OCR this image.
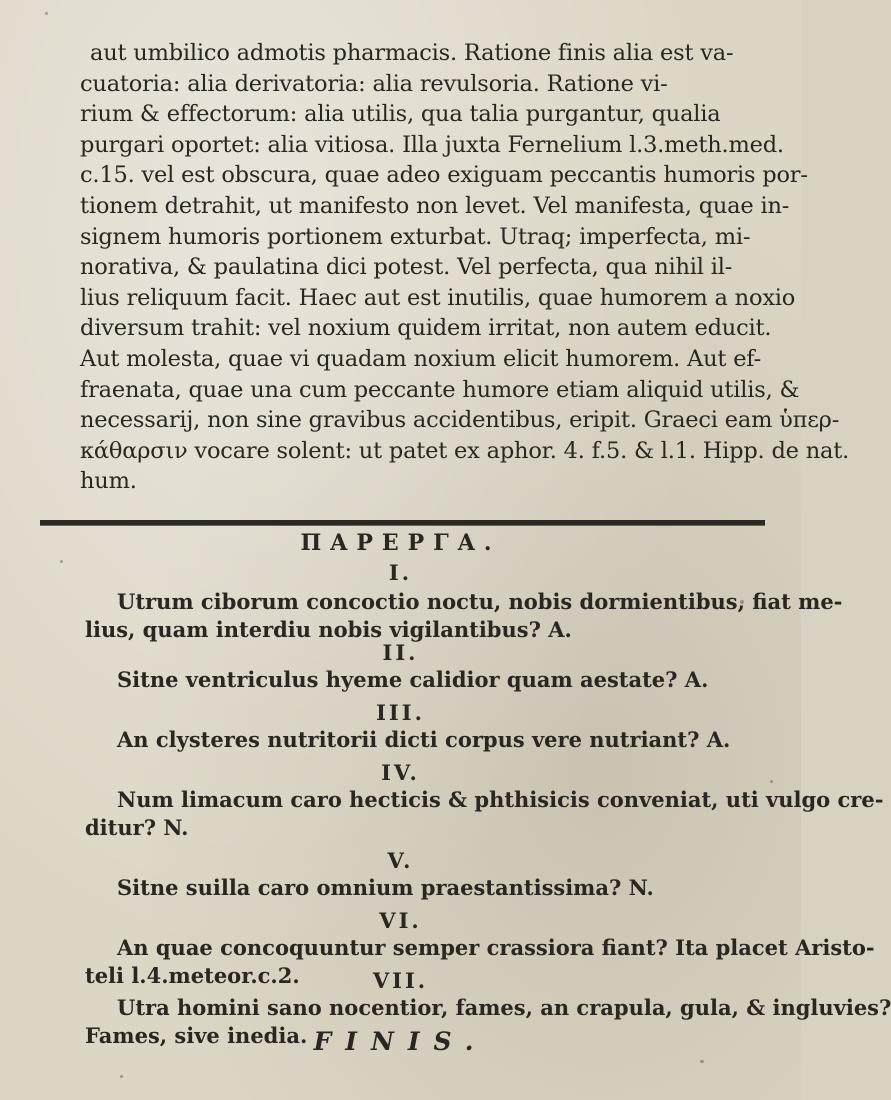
aut umbilico admotis pharmacis. Ratione finis alia est va-

cuatoria: alia derivatoria: alia revulsoria. Ratione vi-

rium & effectorum: alia utilis, qua talia purgantur, qualia

purgari oportet: alia vitiosa. Illa juxta Fernelium l.3.meth.med.

c.15. vel est obscura, quae adeo exiguam peccantis humoris por-

tionem detrahit, ut manifesto non levet. Vel manifesta, quae in-

signem humoris portionem exturbat. Utraq; imperfecta, mi-

norativa, & paulatina dici potest. Vel perfecta, qua nihil il-

lius reliquum facit. Haec aut est inutilis, quae humorem a noxio

diversum trahit: vel noxium quidem irritat, non autem educit.

Aut molesta, quae vi quadam noxium elicit humorem. Aut ef-

fraenata, quae una cum peccante humore etiam aliquid utilis, &

necessarij, non sine gravibus accidentibus, eripit. Graeci eam ὑπερ-

κάθαρσιν vocare solent: ut patet ex aphor. 4. f.5. & l.1. Hipp. de nat.

hum.

ΠΑΡΕΡΓΑ.
I.

Utrum ciborum concoctio noctu, nobis dormientibus, fiat me-
lius, quam interdiu nobis vigilantibus? A.

II.

Sitne ventriculus hyeme calidior quam aestate? A.

III.

An clysteres nutritorii dicti corpus vere nutriant? A.

IV.

Num limacum caro hecticis & phthisicis conveniat, uti vulgo cre-
ditur? N.

V.

Sitne suilla caro omnium praestantissima? N.

VI.

An quae concoquuntur semper crassiora fiant? Ita placet Aristo-
teli l.4.meteor.c.2.	VII.

Utra homini sano nocentior, fames, an crapula, gula, & ingluvies?
Fames, sive inedia. FINIS.
